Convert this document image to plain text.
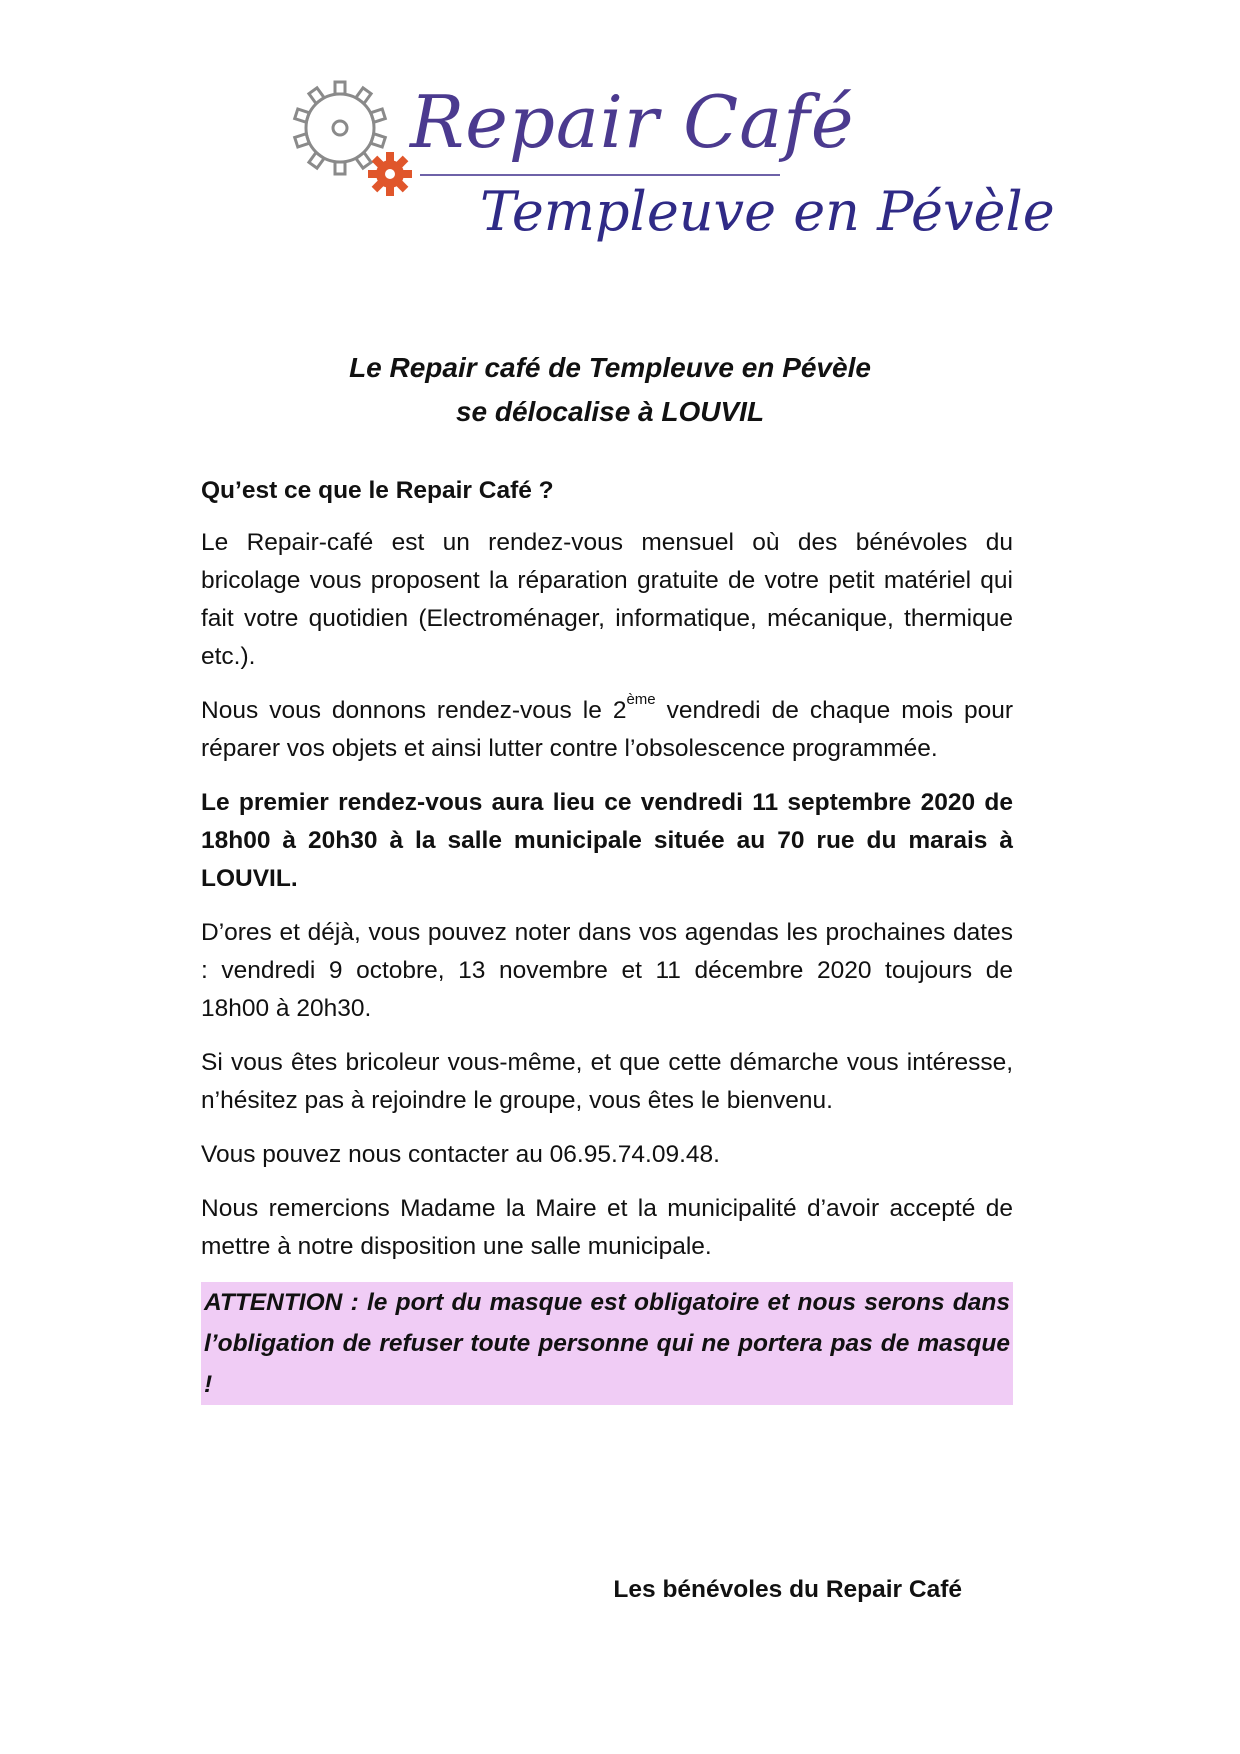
Repair Café
Templeuve en Pévèle
Le Repair café de Templeuve en Pévèle
se délocalise à LOUVIL

Qu’est ce que le Repair Café ?

Le Repair-café est un rendez-vous mensuel où des bénévoles du bricolage vous proposent la réparation gratuite de votre petit matériel qui fait votre quotidien (Electroménager, informatique, mécanique, thermique etc.).

Nous vous donnons rendez-vous le 2ème vendredi de chaque mois pour réparer vos objets et ainsi lutter contre l’obsolescence programmée.

Le premier rendez-vous aura lieu ce vendredi 11 septembre 2020 de 18h00 à 20h30 à la salle municipale située au 70 rue du marais à LOUVIL.

D’ores et déjà, vous pouvez noter dans vos agendas les prochaines dates : vendredi 9 octobre, 13 novembre et 11 décembre 2020 toujours de 18h00 à 20h30.

Si vous êtes bricoleur vous-même, et que cette démarche vous intéresse, n’hésitez pas à rejoindre le groupe, vous êtes le bienvenu.

Vous pouvez nous contacter au 06.95.74.09.48.

Nous remercions Madame la Maire et la municipalité d’avoir accepté de mettre à notre disposition une salle municipale.

ATTENTION : le port du masque est obligatoire et nous serons dans l’obligation de refuser toute personne qui ne portera pas de masque !

Les bénévoles du Repair Café
